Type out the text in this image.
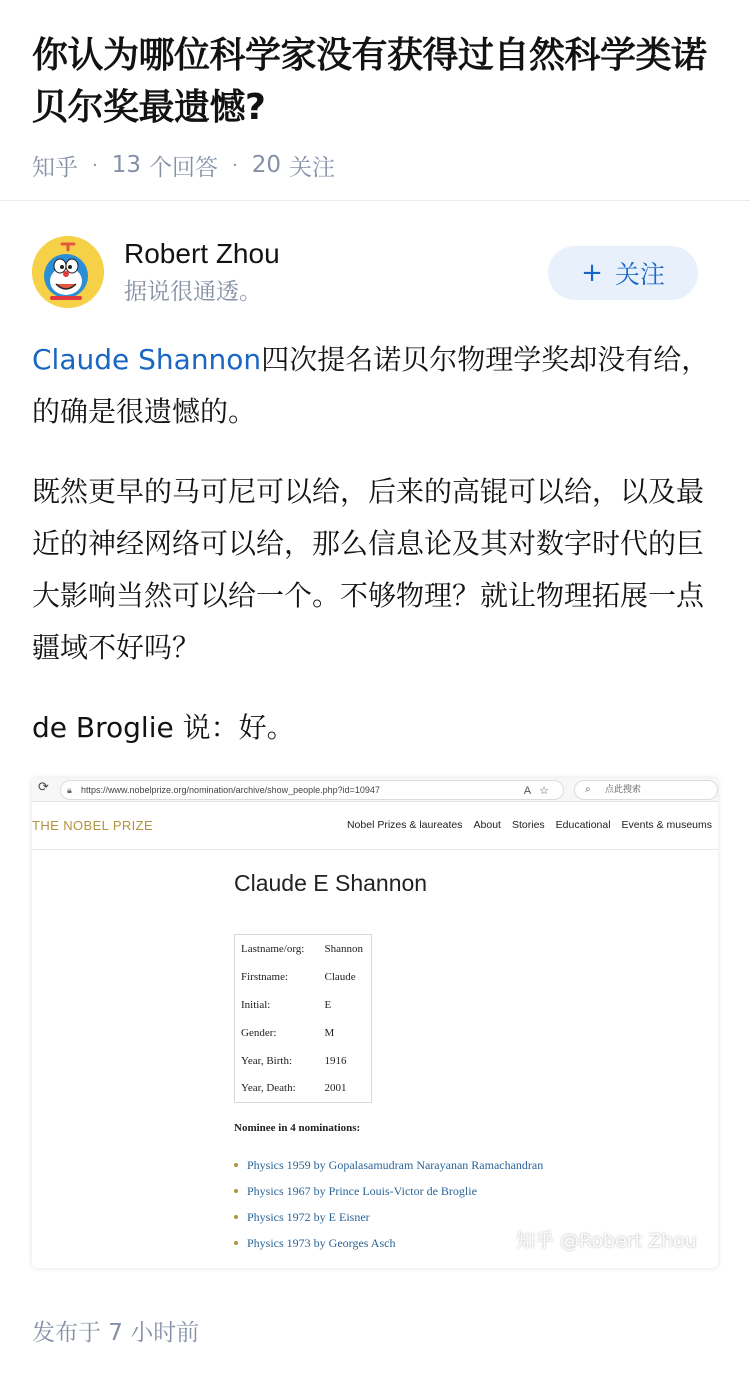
你认为哪位科学家没有获得过自然科学类诺贝尔奖最遗憾?
知乎 · 13 个回答 · 20 关注
Robert Zhou
据说很通透。
+ 关注

Claude Shannon四次提名诺贝尔物理学奖却没有给，的确是很遗憾的。

既然更早的马可尼可以给，后来的高锟可以给，以及最近的神经网络可以给，那么信息论及其对数字时代的巨大影响当然可以给一个。不够物理？就让物理拓展一点疆域不好吗？

de Broglie 说：好。

⟳	🔒︎ https://www.nobelprize.org/nomination/archive/show_people.php?id=10947	A☆	⌕ 点此搜索
THE NOBEL PRIZE	Nobel Prizes & laureates About Stories Educational Events & museums
Claude E Shannon
Lastname/org:	Shannon
Firstname:	Claude
Initial:	E
Gender:	M
Year, Birth:	1916
Year, Death:	2001
Nominee in 4 nominations:
Physics 1959 by Gopalasamudram Narayanan Ramachandran
Physics 1967 by Prince Louis-Victor de Broglie
Physics 1972 by E Eisner
Physics 1973 by Georges Asch	知乎 @Robert Zhou
发布于 7 小时前
